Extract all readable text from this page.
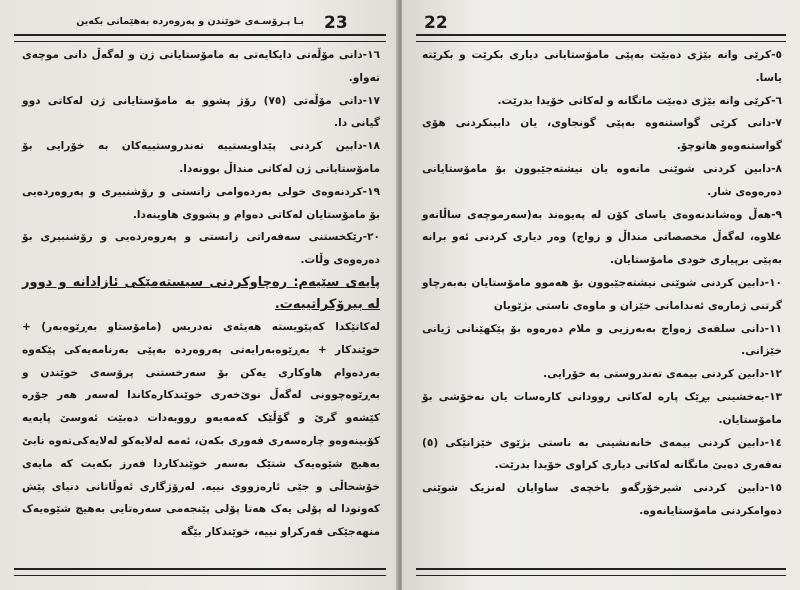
بـا پـرۆسـەی خوێندن و پەروەردە بەهێمانی بکەین 23

١٦-دانی مۆڵەتی دایکایەتی بە مامۆستایانی ژن و لەگەڵ دانی موچەی تەواو.

١٧-دانی مۆڵەتی (٧٥) رۆژ پشوو بە مامۆستایانی ژن لەکاتی دوو گیانی دا.

١٨-دابین کردنی پێداویستییە تەندروستییەکان بە خۆرایی بۆ مامۆستایانی ژن لەکاتی منداڵ بوونەدا.

١٩-کردنەوەی خولی بەردەوامی زانستی و رۆشنبیری و پەروەردەیی بۆ مامۆستایان لەکاتی دەوام و پشووی هاوینەدا.

٢٠-رێکخستنی سەفەراتی زانستی و پەروەردەیی و رۆشنبیری بۆ دەرەوەی وڵات.

پایەی سێیەم: رەچاوکردنی سیستەمێکی ئازادانە و دوور لە بیرۆکراتییەت.

لەکاتێکدا کەپێویستە هەیئەی تەدریس (مامۆستاو بەڕێوەبەر) + خوێندکار + بەڕێوەبەرایەتی پەروەردە بەپێی بەرنامەیەکی پێکەوە بەردەوام هاوکاری یەکن بۆ سەرخستنی پرۆسەی خوێندن و بەڕێوەچوونی لەگەڵ نوێ‌خەری خوێندکارەکاندا لەسەر هەر جۆرە کێشەو گرێ و گۆڵێک کەمەیەو رووبەدات دەبێت ئەوسێ پایەیە کۆبینەوەو چارەسەری فەوری بکەن، ئەمە لەلایەکو لەلایەکی‌تەوە نابێ بەهیچ شێوەیەک شتێک بەسەر خوێندکاردا فەرز بکەیت کە مایەی خۆشحاڵی و جێی ئارەزووی نییە. لەرۆژگاری ئەوڵاتانی دنیای پێش کەوتودا لە پۆلی یەک هەتا پۆلی پێنجەمی سەرەتایی بەهیچ شێوەیەک منهەجێکی فەرکراو نییە، خوێندکار بێگە

22

٥-کرێی وانە بێژی دەبێت بەپێی مامۆستایانی دیاری بکرێت و بکرێتە یاسا.

٦-کرێی وانە بێژی دەبێت مانگانە و لەکاتی خۆیدا بدرێت.

٧-دانی کرێی گواستنەوە بەپێی گونجاوی، یان دابینکردنی هۆی گواستنەوەو هاتوچۆ.

٨-دابین کردنی شوێنی مانەوە یان نیشتەجێبوون بۆ مامۆستایانی دەرەوەی شار.

٩-هەڵ وەشاندنەوەی یاسای کۆن لە پەیوەند بە(سەرموچەی ساڵانەو علاوە، لەگەڵ مخصصاتی منداڵ و زواج) وەر دیاری کردنی ئەو برانە بەپێی برپیاری خودی مامۆستایان.

١٠-دابین کردنی شوێنی نیشتەجێبوون بۆ هەموو مامۆستایان بەبەرچاو گرتنی ژمارەی ئەندامانی خێزان و ماوەی ناستی بژێویان

١١-دانی سلفەی زەواج بەبەرزیی و ملام دەرەوە بۆ پێکهێنانی ژیانی خێزانی.

١٢-دابین کردنی بیمەی تەندروستی بە خۆرایی.

١٣-بەخشینی بڕێک پارە لەکاتی روودانی کارەسات یان نەخۆشی بۆ مامۆستایان.

١٤-دابین کردنی بیمەی خانەنشینی بە ناستی بژێوی خێزانێکی (٥) نەفەری دەبێ مانگانە لەکاتی دیاری کراوی خۆیدا بدرێت.

١٥-دابین کردنی شیرخۆرگەو باخچەی ساوایان لەنزیک شوێنی دەوامکردنی مامۆستایانەوە.
